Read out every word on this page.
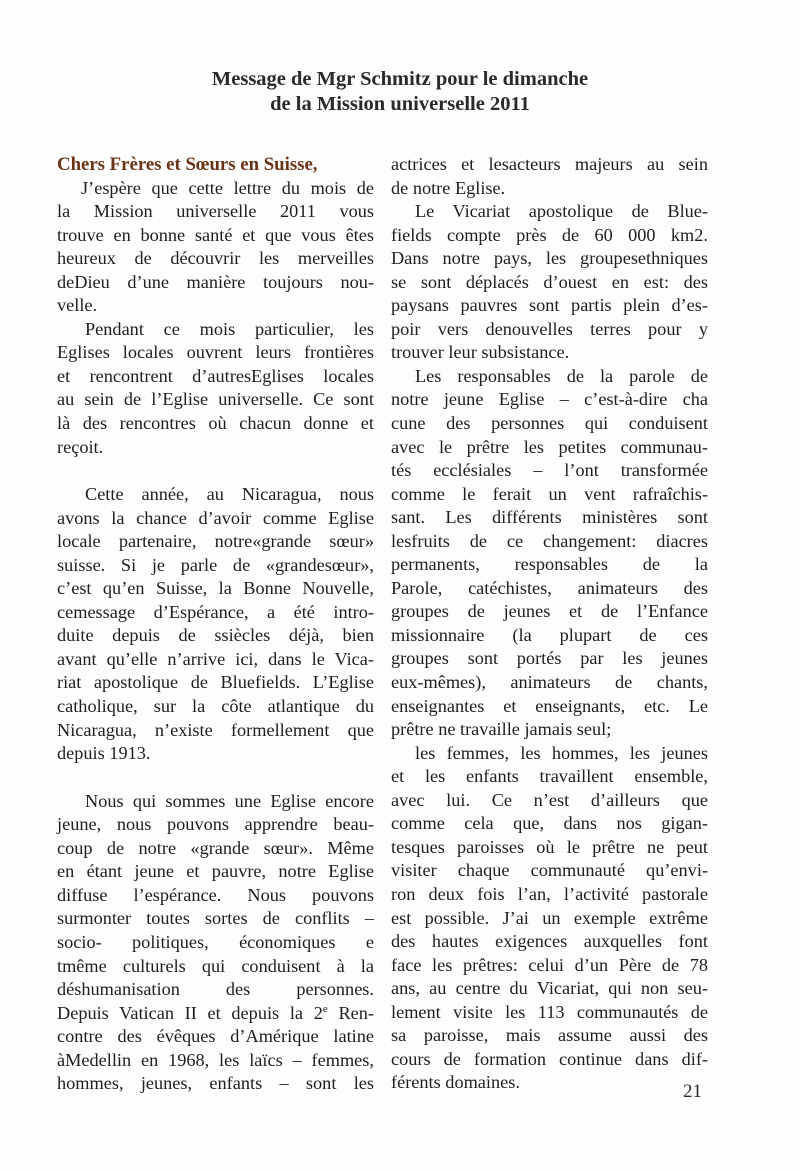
Message de Mgr Schmitz pour le dimanche
de la Mission universelle 2011
Chers Frères et Sœurs en Suisse,
J’espère que cette lettre du mois de
la Mission universelle 2011 vous
trouve en bonne santé et que vous êtes
heureux de découvrir les merveilles
deDieu d’une manière toujours nou-
velle.
Pendant ce mois particulier, les
Eglises locales ouvrent leurs frontières
et rencontrent d’autresEglises locales
au sein de l’Eglise universelle. Ce sont
là des rencontres où chacun donne et
reçoit.
Cette année, au Nicaragua, nous
avons la chance d’avoir comme Eglise
locale partenaire, notre«grande sœur»
suisse. Si je parle de «grandesœur»,
c’est qu’en Suisse, la Bonne Nouvelle,
cemessage d’Espérance, a été intro-
duite depuis de ssiècles déjà, bien
avant qu’elle n’arrive ici, dans le Vica-
riat apostolique de Bluefields. L’Eglise
catholique, sur la côte atlantique du
Nicaragua, n’existe formellement que
depuis 1913.
Nous qui sommes une Eglise encore
jeune, nous pouvons apprendre beau-
coup de notre «grande sœur». Même
en étant jeune et pauvre, notre Eglise
diffuse l’espérance. Nous pouvons
surmonter toutes sortes de conflits –
socio- politiques, économiques e
tmême culturels qui conduisent à la
déshumanisation des personnes.
Depuis Vatican II et depuis la 2e Ren-
contre des évêques d’Amérique latine
àMedellin en 1968, les laïcs – femmes,
hommes, jeunes, enfants – sont les
actrices et lesacteurs majeurs au sein
de notre Eglise.
Le Vicariat apostolique de Blue-
fields compte près de 60 000 km2.
Dans notre pays, les groupesethniques
se sont déplacés d’ouest en est: des
paysans pauvres sont partis plein d’es-
poir vers denouvelles terres pour y
trouver leur subsistance.
Les responsables de la parole de
notre jeune Eglise – c’est-à-dire cha
cune des personnes qui conduisent
avec le prêtre les petites communau-
tés ecclésiales – l’ont transformée
comme le ferait un vent rafraîchis-
sant. Les différents ministères sont
lesfruits de ce changement: diacres
permanents, responsables de la
Parole, catéchistes, animateurs des
groupes de jeunes et de l’Enfance
missionnaire (la plupart de ces
groupes sont portés par les jeunes
eux-mêmes), animateurs de chants,
enseignantes et enseignants, etc. Le
prêtre ne travaille jamais seul;
les femmes, les hommes, les jeunes
et les enfants travaillent ensemble,
avec lui. Ce n’est d’ailleurs que
comme cela que, dans nos gigan-
tesques paroisses où le prêtre ne peut
visiter chaque communauté qu’envi-
ron deux fois l’an, l’activité pastorale
est possible. J’ai un exemple extrême
des hautes exigences auxquelles font
face les prêtres: celui d’un Père de 78
ans, au centre du Vicariat, qui non seu-
lement visite les 113 communautés de
sa paroisse, mais assume aussi des
cours de formation continue dans dif-
férents domaines.	21
